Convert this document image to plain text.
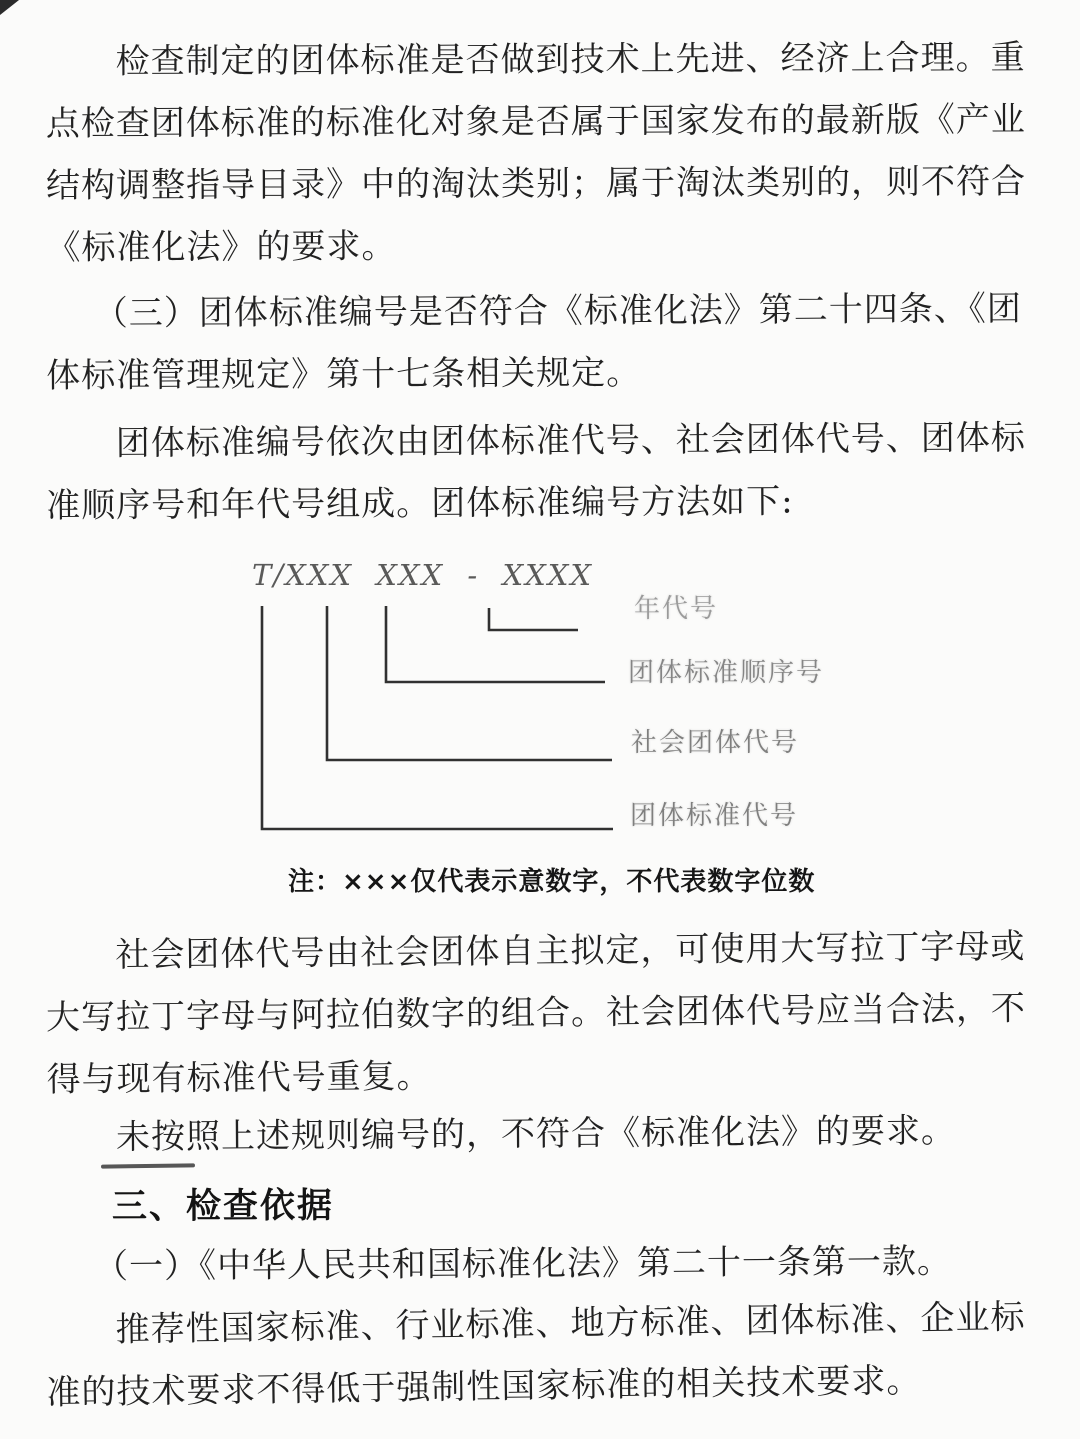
检查制定的团体标准是否做到技术上先进、经济上合理。重
点检查团体标准的标准化对象是否属于国家发布的最新版《产业
结构调整指导目录》中的淘汰类别；属于淘汰类别的，则不符合
《标准化法》的要求。
（三）团体标准编号是否符合《标准化法》第二十四条、《团
体标准管理规定》第十七条相关规定。
团体标准编号依次由团体标准代号、社会团体代号、团体标
准顺序号和年代号组成。团体标准编号方法如下:
T/XXX XXX - XXXX
年代号
团体标准顺序号
社会团体代号
团体标准代号
注：×××仅代表示意数字，不代表数字位数
社会团体代号由社会团体自主拟定，可使用大写拉丁字母或
大写拉丁字母与阿拉伯数字的组合。社会团体代号应当合法，不
得与现有标准代号重复。
未按照上述规则编号的，不符合《标准化法》的要求。
三、检查依据
（一）《中华人民共和国标准化法》第二十一条第一款。
推荐性国家标准、行业标准、地方标准、团体标准、企业标
准的技术要求不得低于强制性国家标准的相关技术要求。
